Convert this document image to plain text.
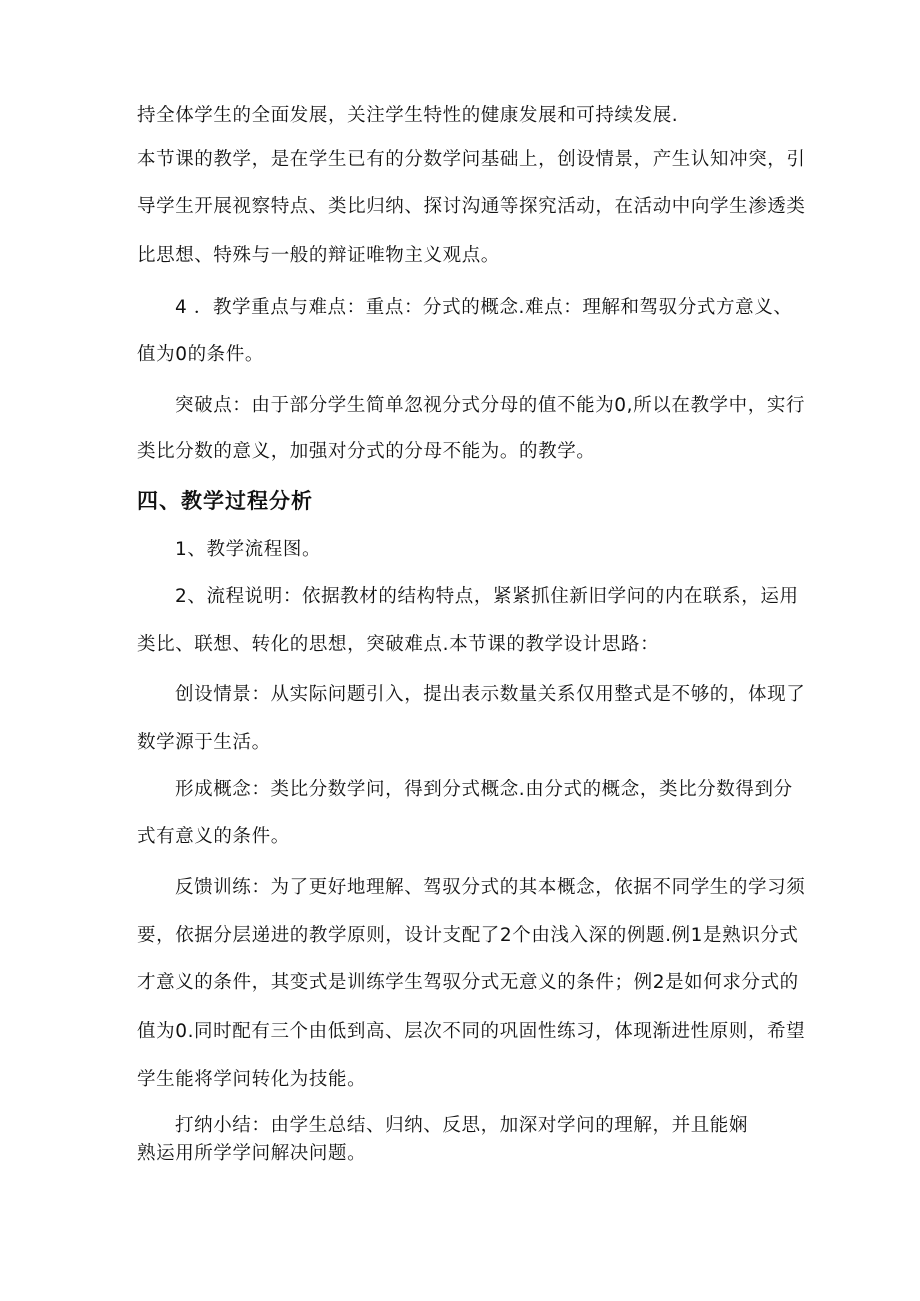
持全体学生的全面发展，关注学生特性的健康发展和可持续发展.
本节课的教学，是在学生已有的分数学问基础上，创设情景，产生认知冲突，引
导学生开展视察特点、类比归纳、探讨沟通等探究活动，在活动中向学生渗透类
比思想、特殊与一般的辩证唯物主义观点。
4 ．教学重点与难点：重点：分式的概念.难点：理解和驾驭分式方意义、
值为0的条件。
突破点：由于部分学生简单忽视分式分母的值不能为0,所以在教学中，实行
类比分数的意义，加强对分式的分母不能为。的教学。
四、教学过程分析
1、教学流程图。
2、流程说明：依据教材的结构特点，紧紧抓住新旧学问的内在联系，运用
类比、联想、转化的思想，突破难点.本节课的教学设计思路：
创设情景：从实际问题引入，提出表示数量关系仅用整式是不够的，体现了
数学源于生活。
形成概念：类比分数学问，得到分式概念.由分式的概念，类比分数得到分
式有意义的条件。
反馈训练：为了更好地理解、驾驭分式的其本概念，依据不同学生的学习须
要，依据分层递进的教学原则，设计支配了2个由浅入深的例题.例1是熟识分式
才意义的条件，其变式是训练学生驾驭分式无意义的条件；例2是如何求分式的
值为0.同时配有三个由低到高、层次不同的巩固性练习，体现渐进性原则，希望
学生能将学问转化为技能。
打纳小结：由学生总结、归纳、反思，加深对学问的理解，并且能娴
熟运用所学学问解决问题。
